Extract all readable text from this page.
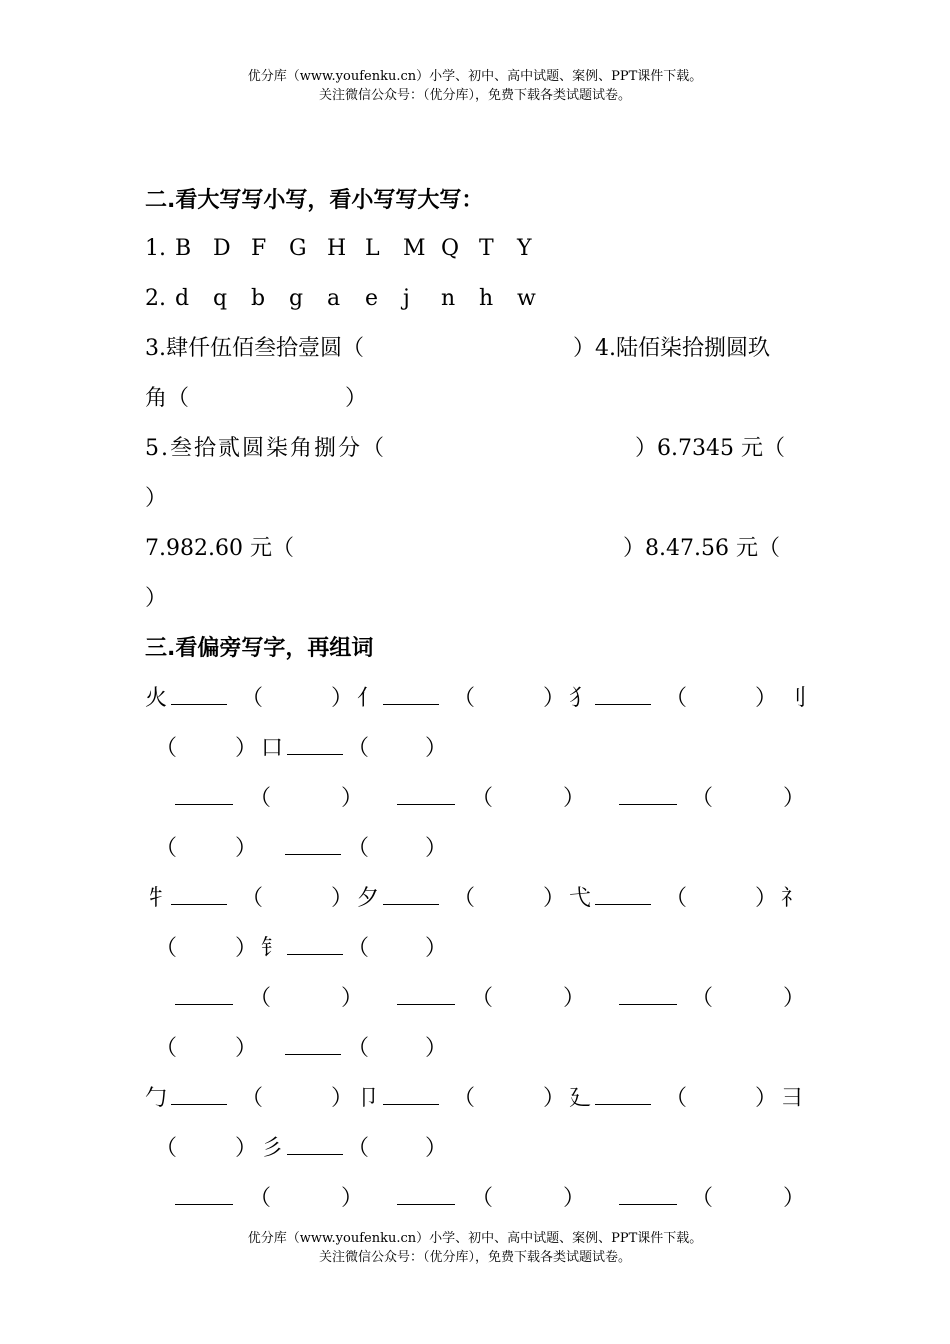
优分库（www.youfenku.cn）小学、初中、高中试题、案例、PPT课件下载。
关注微信公众号：（优分库），免费下载各类试题试卷。
二.看大写写小写，看小写写大写：
1. B D F G H L M Q T Y
2. d q b g a e j n h w
3.肆仟伍佰叁拾壹圆（	）4.陆佰柒拾捌圆玖
角（	）
5.叁拾贰圆柒角捌分（	）6.7345 元（
）
7.982.60 元（	）8.47.56 元（
）
三.看偏旁写字，再组词
火	（	） 亻	（	） 犭	（	） 刂
（	） 口	（	）
（	）	（	）	（	）
（	）	（	）
牜	（	） 夕	（	） 弋	（	） 礻
（	） 钅	（	）
（	）	（	）	（	）
（	）	（	）
勹	（	） 卩	（	） 廴	（	） 彐
（	） 彡	（	）
（	）	（	）	（	）
优分库（www.youfenku.cn）小学、初中、高中试题、案例、PPT课件下载。
关注微信公众号：（优分库），免费下载各类试题试卷。
